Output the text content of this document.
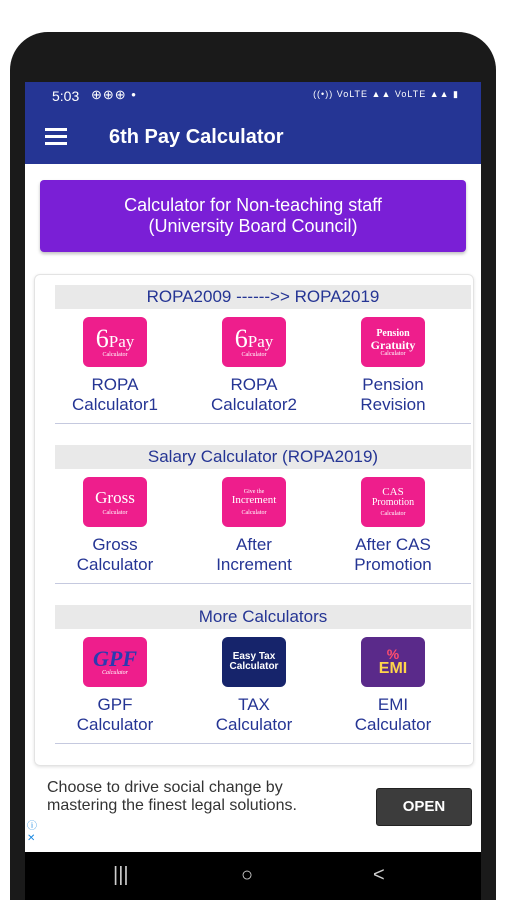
5:03 ⊕⊕⊕ •	((•)) VoLTE ▲▲ VoLTE ▲▲ ▮
6th Pay Calculator
Calculator for Non-teaching staff
(University Board Council)
ROPA2009 ------>> ROPA2019
6Pay
Calculator
ROPA
Calculator1
6Pay
Calculator
ROPA
Calculator2
Pension
Gratuity
Calculator
Pension
Revision
Salary Calculator (ROPA2019)
Gross
Calculator
Gross
Calculator
Give the
Increment
Calculator
After
Increment
CAS
Promotion
Calculator
After CAS
Promotion
More Calculators
GPF
Calculator
GPF
Calculator
Easy Tax
Calculator
TAX
Calculator
%
EMI
EMI
Calculator
Choose to drive social change by mastering the finest legal solutions.	OPEN
ⓘ
✕
|||	○	<
